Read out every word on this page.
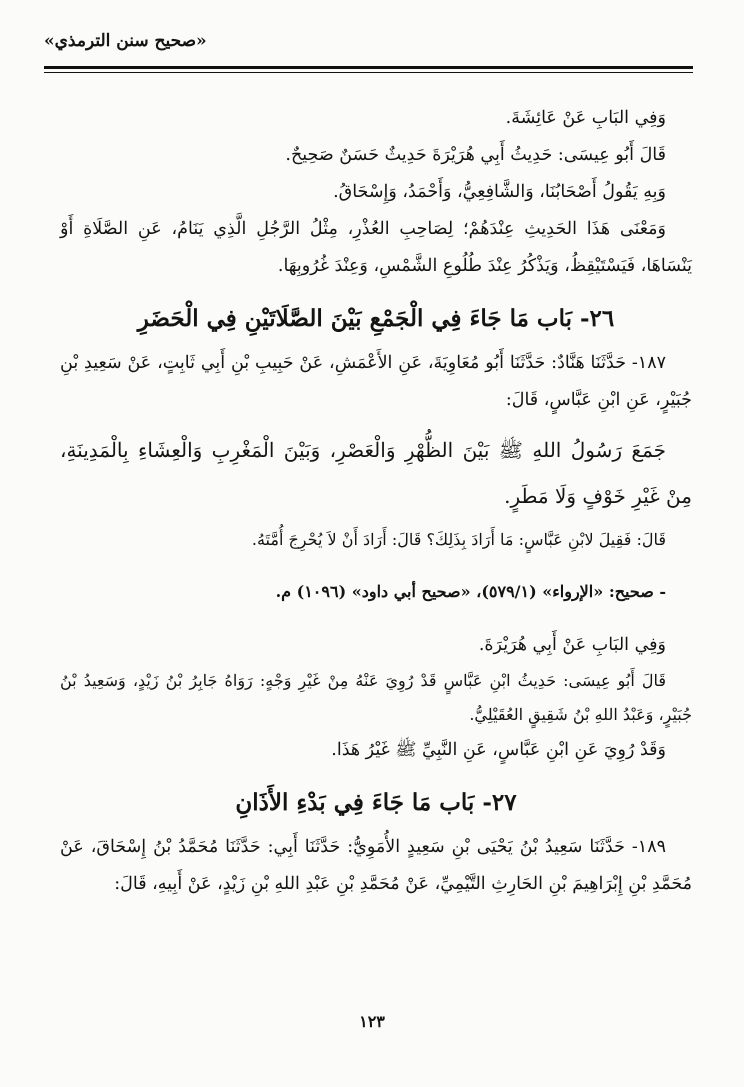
«صحيح سنن الترمذي»

وَفِي البَابِ عَنْ عَائِشَةَ.

قَالَ أَبُو عِيسَى: حَدِيثُ أَبِي هُرَيْرَةَ حَدِيثٌ حَسَنٌ صَحِيحٌ.

وَبِهِ يَقُولُ أَصْحَابُنَا، وَالشَّافِعِيُّ، وَأَحْمَدُ، وَإِسْحَاقُ.

وَمَعْنَى هَذَا الحَدِيثِ عِنْدَهُمْ؛ لِصَاحِبِ العُذْرِ، مِثْلُ الرَّجُلِ الَّذِي يَنَامُ، عَنِ الصَّلَاةِ أَوْ يَنْسَاهَا، فَيَسْتَيْقِظُ، وَيَذْكُرُ عِنْدَ طُلُوعِ الشَّمْسِ، وَعِنْدَ غُرُوبِهَا.

٢٦- بَاب مَا جَاءَ فِي الْجَمْعِ بَيْنَ الصَّلَاتَيْنِ فِي الْحَضَرِ

١٨٧- حَدَّثَنَا هَنَّادٌ: حَدَّثَنَا أَبُو مُعَاوِيَةَ، عَنِ الأَعْمَشِ، عَنْ حَبِيبِ بْنِ أَبِي ثَابِتٍ، عَنْ سَعِيدِ بْنِ جُبَيْرٍ، عَنِ ابْنِ عَبَّاسٍ، قَالَ:

جَمَعَ رَسُولُ اللهِ ﷺ بَيْنَ الظُّهْرِ وَالْعَصْرِ، وَبَيْنَ الْمَغْرِبِ وَالْعِشَاءِ بِالْمَدِينَةِ، مِنْ غَيْرِ خَوْفٍ وَلَا مَطَرٍ.

قَالَ: فَقِيلَ لابْنِ عَبَّاسٍ: مَا أَرَادَ بِذَلِكَ؟ قَالَ: أَرَادَ أَنْ لاَ يُحْرِجَ أُمَّتَهُ.

- صحيح: «الإرواء» (٥٧٩/١)، «صحيح أبي داود» (١٠٩٦) م.

وَفِي البَابِ عَنْ أَبِي هُرَيْرَةَ.

قَالَ أَبُو عِيسَى: حَدِيثُ ابْنِ عَبَّاسٍ قَدْ رُوِيَ عَنْهُ مِنْ غَيْرِ وَجْهٍ: رَوَاهُ جَابِرُ بْنُ زَيْدٍ، وَسَعِيدُ بْنُ جُبَيْرٍ، وَعَبْدُ اللهِ بْنُ شَقِيقٍ العُقَيْلِيُّ.

وَقَدْ رُوِيَ عَنِ ابْنِ عَبَّاسٍ، عَنِ النَّبِيِّ ﷺ غَيْرُ هَذَا.

٢٧- بَاب مَا جَاءَ فِي بَدْءِ الأَذَانِ

١٨٩- حَدَّثَنَا سَعِيدُ بْنُ يَحْيَى بْنِ سَعِيدٍ الأُمَوِيُّ: حَدَّثَنَا أَبِي: حَدَّثَنَا مُحَمَّدُ بْنُ إِسْحَاقَ، عَنْ مُحَمَّدِ بْنِ إِبْرَاهِيمَ بْنِ الحَارِثِ التَّيْمِيِّ، عَنْ مُحَمَّدِ بْنِ عَبْدِ اللهِ بْنِ زَيْدٍ، عَنْ أَبِيهِ، قَالَ:

١٢٣
